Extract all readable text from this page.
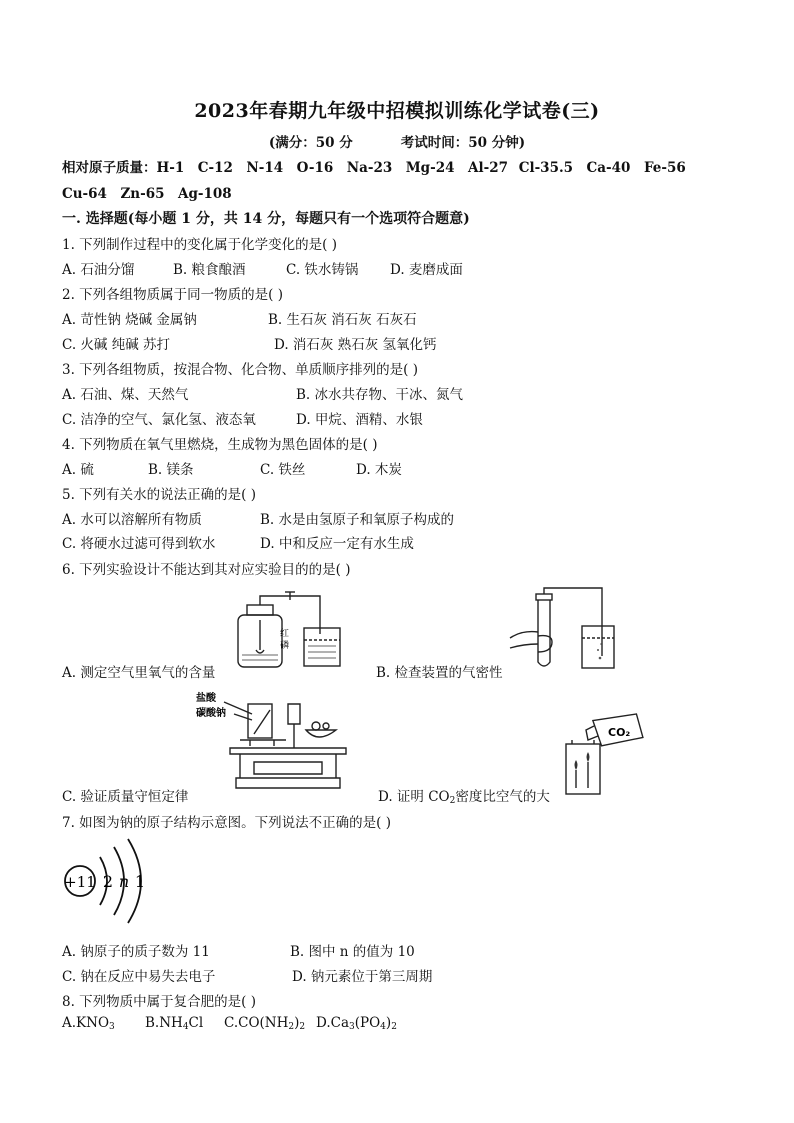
2023年春期九年级中招模拟训练化学试卷(三)
(满分：50 分	考试时间：50 分钟)
相对原子质量：H-1　C-12　N-14　O-16　Na-23　Mg-24　Al-27 Cl-35.5　Ca-40　Fe-56
Cu-64　Zn-65　Ag-108
一. 选择题(每小题 1 分，共 14 分，每题只有一个选项符合题意)
1. 下列制作过程中的变化属于化学变化的是( )
A. 石油分馏	B. 粮食酿酒	C. 铁水铸锅 D. 麦磨成面
2. 下列各组物质属于同一物质的是( )
A. 苛性钠 烧碱 金属钠	B. 生石灰 消石灰 石灰石
C. 火碱 纯碱 苏打	D. 消石灰 熟石灰 氢氧化钙
3. 下列各组物质，按混合物、化合物、单质顺序排列的是( )
A. 石油、煤、天然气	B. 冰水共存物、干冰、氮气
C. 洁净的空气、氯化氢、液态氧	D. 甲烷、酒精、水银
4. 下列物质在氧气里燃烧，生成物为黑色固体的是( )
A. 硫	B. 镁条	C. 铁丝	D. 木炭
5. 下列有关水的说法正确的是( )
A. 水可以溶解所有物质	B. 水是由氢原子和氧原子构成的
C. 将硬水过滤可得到软水	D. 中和反应一定有水生成
6. 下列实验设计不能达到其对应实验目的的是( )
红
磷
A. 测定空气里氧气的含量	B. 检查装置的气密性
盐酸
碳酸钠
C. 验证质量守恒定律
CO₂
D. 证明 $CO_2$密度比空气的大
7. 如图为钠的原子结构示意图。下列说法不正确的是( )
+11 2 n 1
A. 钠原子的质子数为 11	B. 图中 n 的值为 10
C. 钠在反应中易失去电子	D. 钠元素位于第三周期
8. 下列物质中属于复合肥的是( )
$A.KNO_3$ $B.NH_4Cl$ $C.CO(NH_2)_2$ $D.Ca_3(PO_4)_2$
